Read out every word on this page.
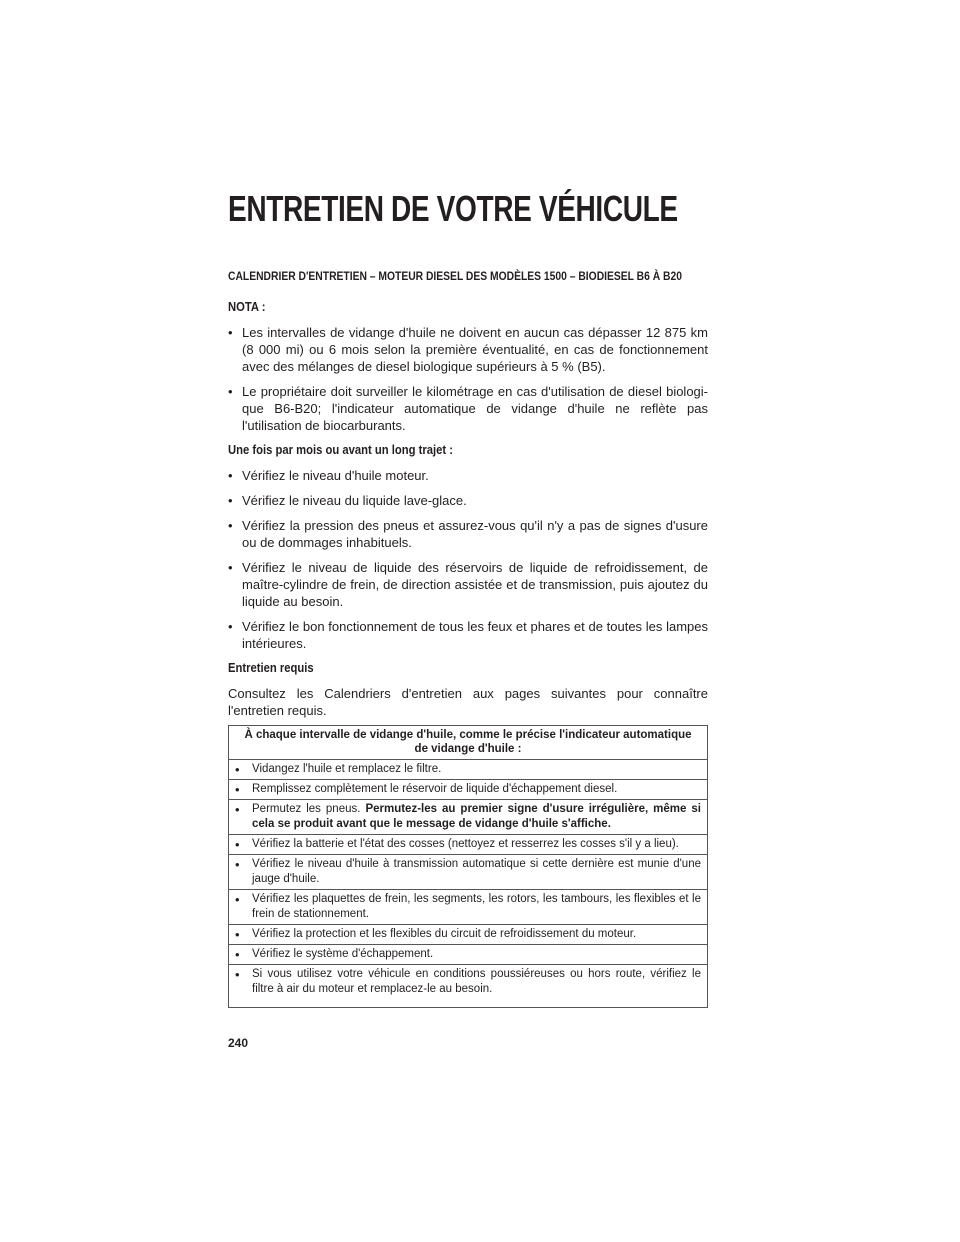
ENTRETIEN DE VOTRE VÉHICULE

CALENDRIER D'ENTRETIEN – MOTEUR DIESEL DES MODÈLES 1500 – BIODIESEL B6 À B20

NOTA :

• Les intervalles de vidange d'huile ne doivent en aucun cas dépasser 12 875 km (8 000 mi) ou 6 mois selon la première éventualité, en cas de fonctionnement avec des mélanges de diesel biologique supérieurs à 5 % (B5).
• Le propriétaire doit surveiller le kilométrage en cas d'utilisation de diesel biologi- que B6-B20; l'indicateur automatique de vidange d'huile ne reflète pas l'utilisation de biocarburants.

Une fois par mois ou avant un long trajet :

• Vérifiez le niveau d'huile moteur.
• Vérifiez le niveau du liquide lave-glace.
• Vérifiez la pression des pneus et assurez-vous qu'il n'y a pas de signes d'usure ou de dommages inhabituels.
• Vérifiez le niveau de liquide des réservoirs de liquide de refroidissement, de maître-cylindre de frein, de direction assistée et de transmission, puis ajoutez du liquide au besoin.
• Vérifiez le bon fonctionnement de tous les feux et phares et de toutes les lampes intérieures.

Entretien requis

Consultez les Calendriers d'entretien aux pages suivantes pour connaître l'entretien requis.

À chaque intervalle de vidange d'huile, comme le précise l'indicateur automatique de vidange d'huile :

• Vidangez l'huile et remplacez le filtre.

• Remplissez complètement le réservoir de liquide d'échappement diesel.

• Permutez les pneus. Permutez-les au premier signe d'usure irrégulière, même si cela se produit avant que le message de vidange d'huile s'affiche.

• Vérifiez la batterie et l'état des cosses (nettoyez et resserrez les cosses s'il y a lieu).

• Vérifiez le niveau d'huile à transmission automatique si cette dernière est munie d'une jauge d'huile.

• Vérifiez les plaquettes de frein, les segments, les rotors, les tambours, les flexibles et le frein de stationnement.

• Vérifiez la protection et les flexibles du circuit de refroidissement du moteur.

• Vérifiez le système d'échappement.

• Si vous utilisez votre véhicule en conditions poussiéreuses ou hors route, vérifiez le filtre à air du moteur et remplacez-le au besoin.
240
